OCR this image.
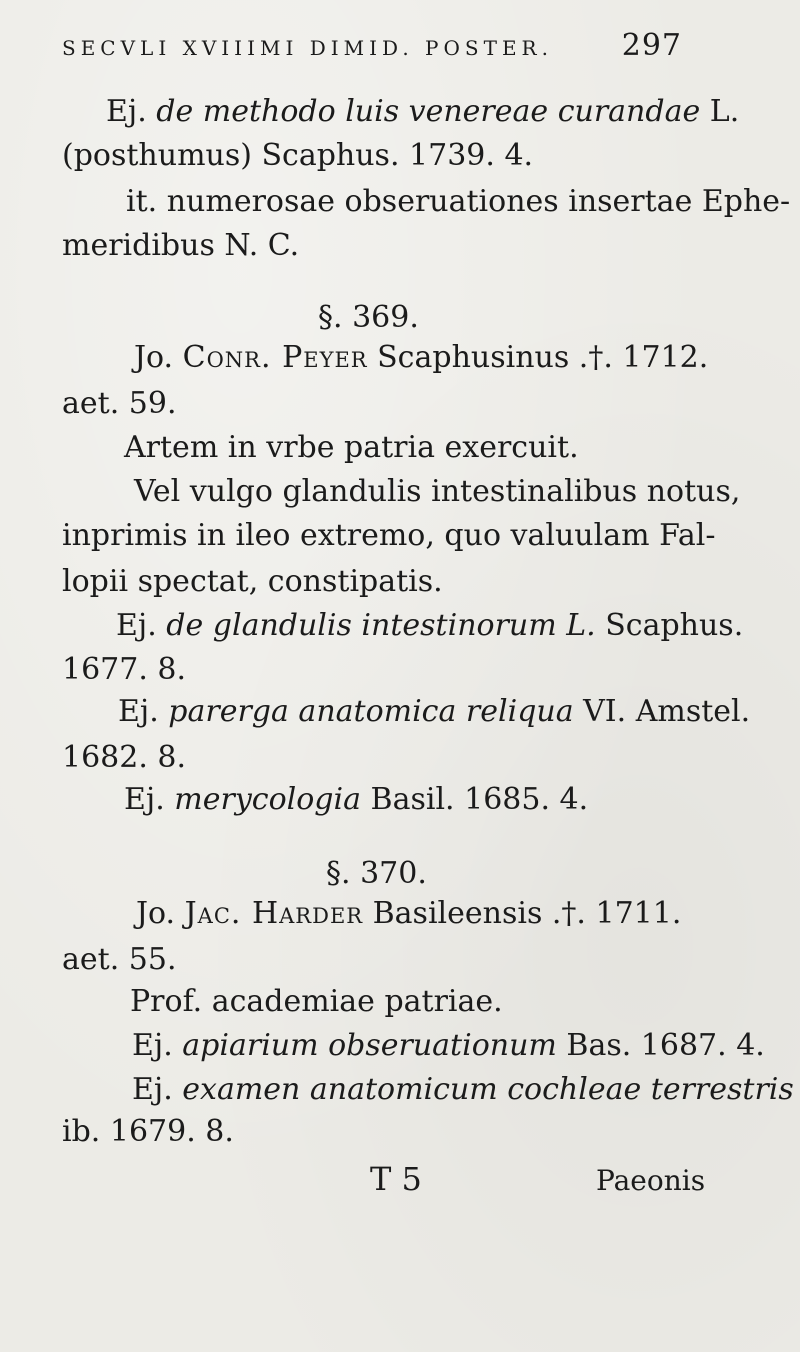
SECVLI XVIIIMI DIMID. POSTER. 297
Ej. de methodo luis venereae curandae L.
(posthumus) Scaphus. 1739. 4.
it. numerosae obseruationes insertae Ephe-
meridibus N. C.
§. 369.
Jo. Conr. Peyer Scaphusinus .†. 1712.
aet. 59.
Artem in vrbe patria exercuit.
Vel vulgo glandulis intestinalibus notus,
inprimis in ileo extremo, quo valuulam Fal-
lopii spectat, constipatis.
Ej. de glandulis intestinorum L. Scaphus.
1677. 8.
Ej. parerga anatomica reliqua VI. Amstel.
1682. 8.
Ej. merycologia Basil. 1685. 4.
§. 370.
Jo. Jac. Harder Basileensis .†. 1711.
aet. 55.
Prof. academiae patriae.
Ej. apiarium obseruationum Bas. 1687. 4.
Ej. examen anatomicum cochleae terrestris
ib. 1679. 8.
T 5	Paeonis
